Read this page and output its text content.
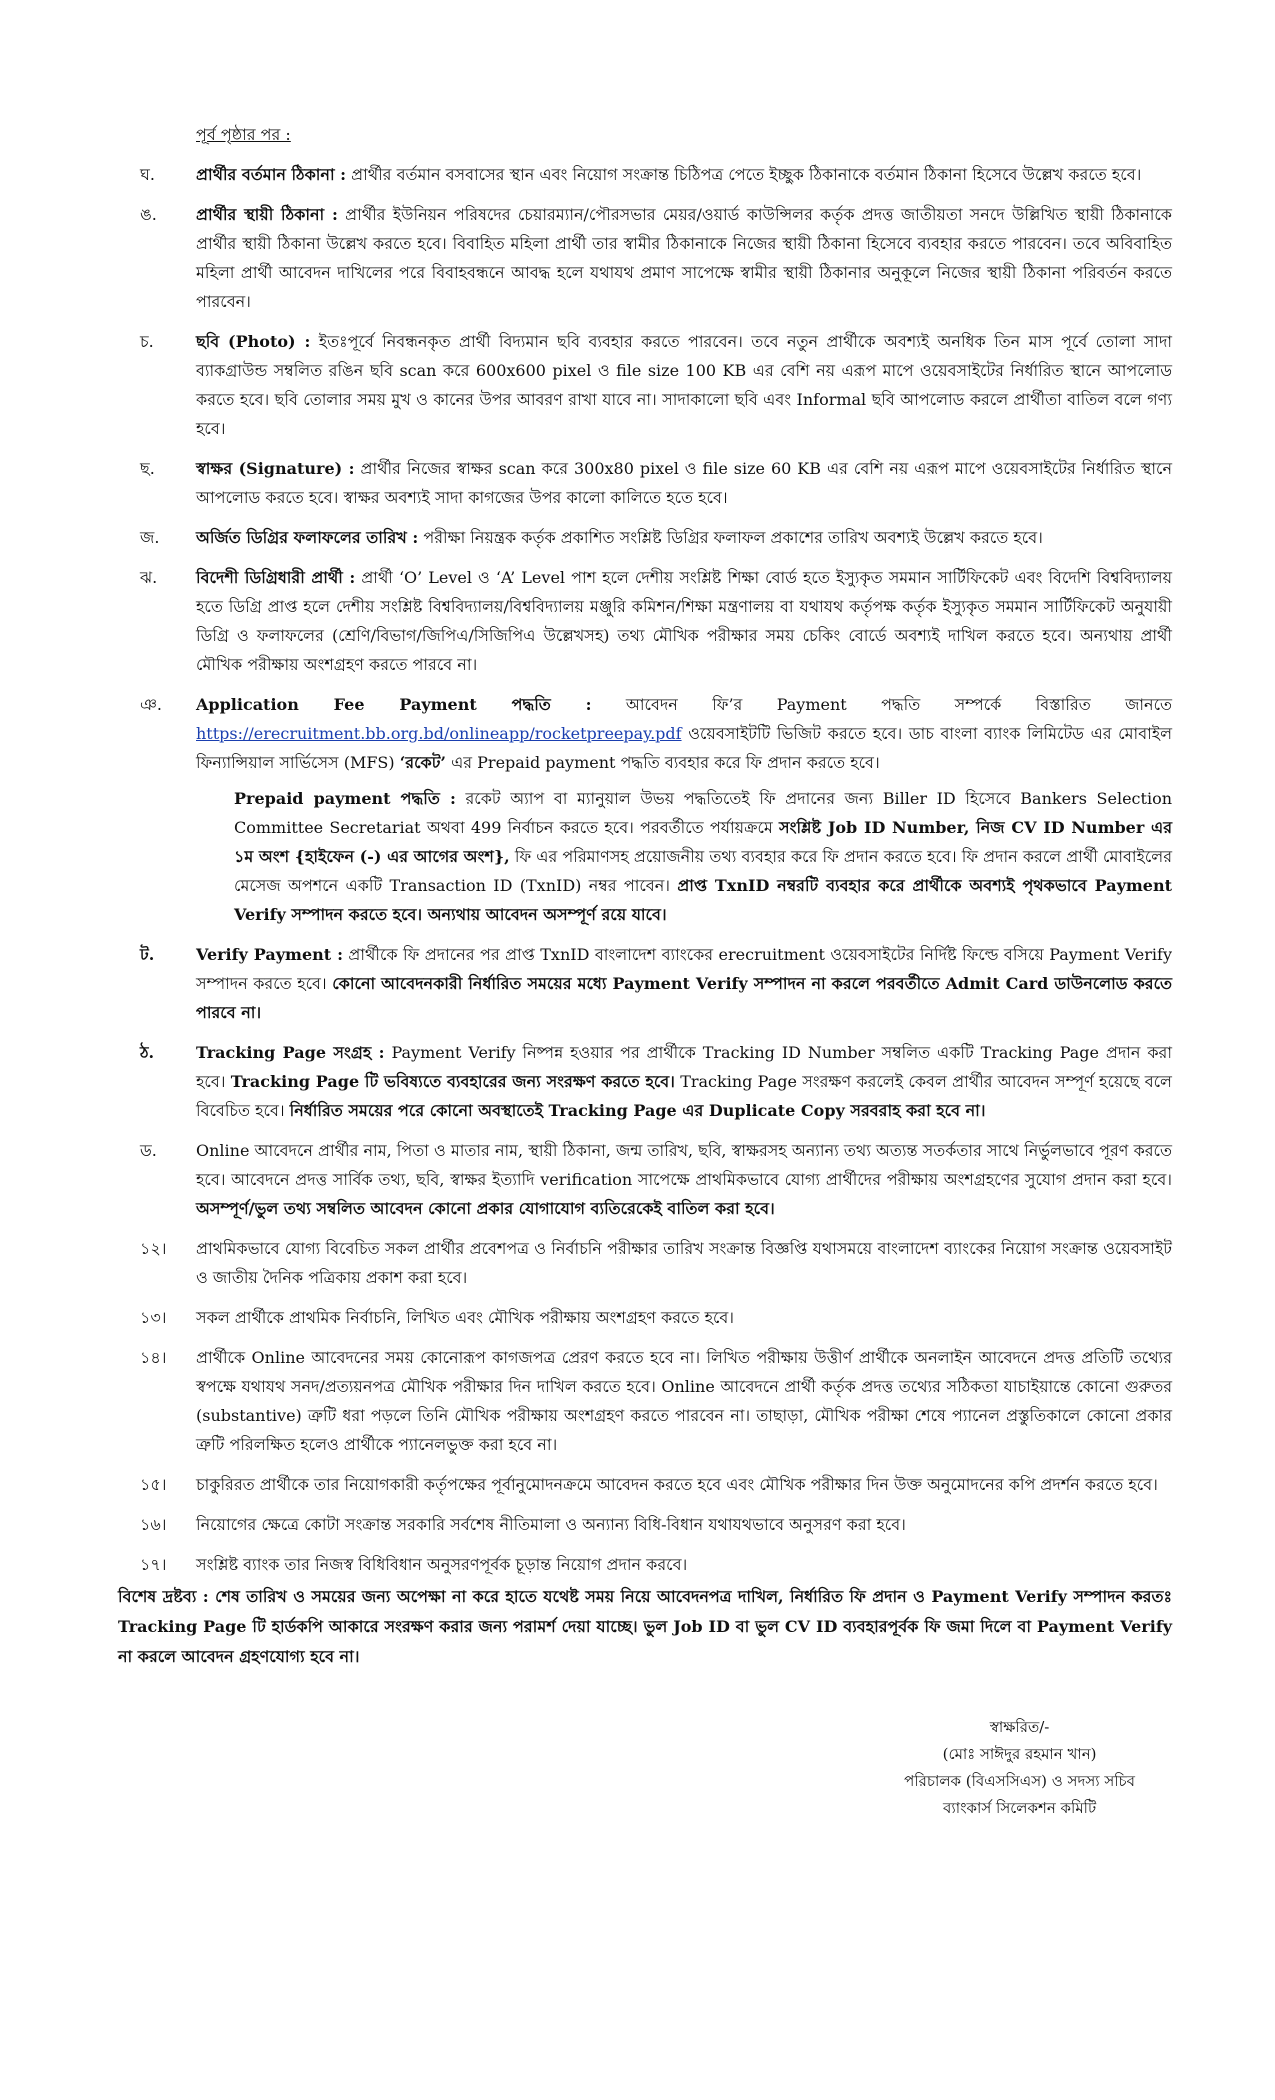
পূর্ব পৃষ্ঠার পর :
ঘ.	প্রার্থীর বর্তমান ঠিকানা : প্রার্থীর বর্তমান বসবাসের স্থান এবং নিয়োগ সংক্রান্ত চিঠিপত্র পেতে ইচ্ছুক ঠিকানাকে বর্তমান ঠিকানা হিসেবে উল্লেখ করতে হবে।
ঙ.	প্রার্থীর স্থায়ী ঠিকানা : প্রার্থীর ইউনিয়ন পরিষদের চেয়ারম্যান/পৌরসভার মেয়র/ওয়ার্ড কাউন্সিলর কর্তৃক প্রদত্ত জাতীয়তা সনদে উল্লিখিত স্থায়ী ঠিকানাকে প্রার্থীর স্থায়ী ঠিকানা উল্লেখ করতে হবে। বিবাহিত মহিলা প্রার্থী তার স্বামীর ঠিকানাকে নিজের স্থায়ী ঠিকানা হিসেবে ব্যবহার করতে পারবেন। তবে অবিবাহিত মহিলা প্রার্থী আবেদন দাখিলের পরে বিবাহবন্ধনে আবদ্ধ হলে যথাযথ প্রমাণ সাপেক্ষে স্বামীর স্থায়ী ঠিকানার অনুকূলে নিজের স্থায়ী ঠিকানা পরিবর্তন করতে পারবেন।
চ.	ছবি (Photo) : ইতঃপূর্বে নিবন্ধনকৃত প্রার্থী বিদ্যমান ছবি ব্যবহার করতে পারবেন। তবে নতুন প্রার্থীকে অবশ্যই অনধিক তিন মাস পূর্বে তোলা সাদা ব্যাকগ্রাউন্ড সম্বলিত রঙিন ছবি scan করে 600x600 pixel ও file size 100 KB এর বেশি নয় এরূপ মাপে ওয়েবসাইটের নির্ধারিত স্থানে আপলোড করতে হবে। ছবি তোলার সময় মুখ ও কানের উপর আবরণ রাখা যাবে না। সাদাকালো ছবি এবং Informal ছবি আপলোড করলে প্রার্থীতা বাতিল বলে গণ্য হবে।
ছ.	স্বাক্ষর (Signature) : প্রার্থীর নিজের স্বাক্ষর scan করে 300x80 pixel ও file size 60 KB এর বেশি নয় এরূপ মাপে ওয়েবসাইটের নির্ধারিত স্থানে আপলোড করতে হবে। স্বাক্ষর অবশ্যই সাদা কাগজের উপর কালো কালিতে হতে হবে।
জ.	অর্জিত ডিগ্রির ফলাফলের তারিখ : পরীক্ষা নিয়ন্ত্রক কর্তৃক প্রকাশিত সংশ্লিষ্ট ডিগ্রির ফলাফল প্রকাশের তারিখ অবশ্যই উল্লেখ করতে হবে।
ঝ.	বিদেশী ডিগ্রিধারী প্রার্থী : প্রার্থী ‘O’ Level ও ‘A’ Level পাশ হলে দেশীয় সংশ্লিষ্ট শিক্ষা বোর্ড হতে ইস্যুকৃত সমমান সার্টিফিকেট এবং বিদেশি বিশ্ববিদ্যালয় হতে ডিগ্রি প্রাপ্ত হলে দেশীয় সংশ্লিষ্ট বিশ্ববিদ্যালয়/বিশ্ববিদ্যালয় মঞ্জুরি কমিশন/শিক্ষা মন্ত্রণালয় বা যথাযথ কর্তৃপক্ষ কর্তৃক ইস্যুকৃত সমমান সার্টিফিকেট অনুযায়ী ডিগ্রি ও ফলাফলের (শ্রেণি/বিভাগ/জিপিএ/সিজিপিএ উল্লেখসহ) তথ্য মৌখিক পরীক্ষার সময় চেকিং বোর্ডে অবশ্যই দাখিল করতে হবে। অন্যথায় প্রার্থী মৌখিক পরীক্ষায় অংশগ্রহণ করতে পারবে না।
ঞ.	Application Fee Payment পদ্ধতি : আবেদন ফি’র Payment পদ্ধতি সম্পর্কে বিস্তারিত জানতে https://erecruitment.bb.org.bd/onlineapp/rocketpreepay.pdf ওয়েবসাইটটি ভিজিট করতে হবে। ডাচ বাংলা ব্যাংক লিমিটেড এর মোবাইল ফিন্যান্সিয়াল সার্ভিসেস (MFS) ‘রকেট’ এর Prepaid payment পদ্ধতি ব্যবহার করে ফি প্রদান করতে হবে।
Prepaid payment পদ্ধতি : রকেট অ্যাপ বা ম্যানুয়াল উভয় পদ্ধতিতেই ফি প্রদানের জন্য Biller ID হিসেবে Bankers Selection Committee Secretariat অথবা 499 নির্বাচন করতে হবে। পরবর্তীতে পর্যায়ক্রমে সংশ্লিষ্ট Job ID Number, নিজ CV ID Number এর ১ম অংশ {হাইফেন (-) এর আগের অংশ}, ফি এর পরিমাণসহ প্রয়োজনীয় তথ্য ব্যবহার করে ফি প্রদান করতে হবে। ফি প্রদান করলে প্রার্থী মোবাইলের মেসেজ অপশনে একটি Transaction ID (TxnID) নম্বর পাবেন। প্রাপ্ত TxnID নম্বরটি ব্যবহার করে প্রার্থীকে অবশ্যই পৃথকভাবে Payment Verify সম্পাদন করতে হবে। অন্যথায় আবেদন অসম্পূর্ণ রয়ে যাবে।
ট.	Verify Payment : প্রার্থীকে ফি প্রদানের পর প্রাপ্ত TxnID বাংলাদেশ ব্যাংকের erecruitment ওয়েবসাইটের নির্দিষ্ট ফিল্ডে বসিয়ে Payment Verify সম্পাদন করতে হবে। কোনো আবেদনকারী নির্ধারিত সময়ের মধ্যে Payment Verify সম্পাদন না করলে পরবর্তীতে Admit Card ডাউনলোড করতে পারবে না।
ঠ.	Tracking Page সংগ্রহ : Payment Verify নিষ্পন্ন হওয়ার পর প্রার্থীকে Tracking ID Number সম্বলিত একটি Tracking Page প্রদান করা হবে। Tracking Page টি ভবিষ্যতে ব্যবহারের জন্য সংরক্ষণ করতে হবে। Tracking Page সংরক্ষণ করলেই কেবল প্রার্থীর আবেদন সম্পূর্ণ হয়েছে বলে বিবেচিত হবে। নির্ধারিত সময়ের পরে কোনো অবস্থাতেই Tracking Page এর Duplicate Copy সরবরাহ করা হবে না।
ড.	Online আবেদনে প্রার্থীর নাম, পিতা ও মাতার নাম, স্থায়ী ঠিকানা, জন্ম তারিখ, ছবি, স্বাক্ষরসহ অন্যান্য তথ্য অত্যন্ত সতর্কতার সাথে নির্ভুলভাবে পূরণ করতে হবে। আবেদনে প্রদত্ত সার্বিক তথ্য, ছবি, স্বাক্ষর ইত্যাদি verification সাপেক্ষে প্রাথমিকভাবে যোগ্য প্রার্থীদের পরীক্ষায় অংশগ্রহণের সুযোগ প্রদান করা হবে। অসম্পূর্ণ/ভুল তথ্য সম্বলিত আবেদন কোনো প্রকার যোগাযোগ ব্যতিরেকেই বাতিল করা হবে।
১২।	প্রাথমিকভাবে যোগ্য বিবেচিত সকল প্রার্থীর প্রবেশপত্র ও নির্বাচনি পরীক্ষার তারিখ সংক্রান্ত বিজ্ঞপ্তি যথাসময়ে বাংলাদেশ ব্যাংকের নিয়োগ সংক্রান্ত ওয়েবসাইট ও জাতীয় দৈনিক পত্রিকায় প্রকাশ করা হবে।
১৩।	সকল প্রার্থীকে প্রাথমিক নির্বাচনি, লিখিত এবং মৌখিক পরীক্ষায় অংশগ্রহণ করতে হবে।
১৪।	প্রার্থীকে Online আবেদনের সময় কোনোরূপ কাগজপত্র প্রেরণ করতে হবে না। লিখিত পরীক্ষায় উত্তীর্ণ প্রার্থীকে অনলাইন আবেদনে প্রদত্ত প্রতিটি তথ্যের স্বপক্ষে যথাযথ সনদ/প্রত্যয়নপত্র মৌখিক পরীক্ষার দিন দাখিল করতে হবে। Online আবেদনে প্রার্থী কর্তৃক প্রদত্ত তথ্যের সঠিকতা যাচাইয়ান্তে কোনো গুরুতর (substantive) ত্রুটি ধরা পড়লে তিনি মৌখিক পরীক্ষায় অংশগ্রহণ করতে পারবেন না। তাছাড়া, মৌখিক পরীক্ষা শেষে প্যানেল প্রস্তুতিকালে কোনো প্রকার ত্রুটি পরিলক্ষিত হলেও প্রার্থীকে প্যানেলভুক্ত করা হবে না।
১৫।	চাকুরিরত প্রার্থীকে তার নিয়োগকারী কর্তৃপক্ষের পূর্বানুমোদনক্রমে আবেদন করতে হবে এবং মৌখিক পরীক্ষার দিন উক্ত অনুমোদনের কপি প্রদর্শন করতে হবে।
১৬।	নিয়োগের ক্ষেত্রে কোটা সংক্রান্ত সরকারি সর্বশেষ নীতিমালা ও অন্যান্য বিধি-বিধান যথাযথভাবে অনুসরণ করা হবে।
১৭।	সংশ্লিষ্ট ব্যাংক তার নিজস্ব বিধিবিধান অনুসরণপূর্বক চূড়ান্ত নিয়োগ প্রদান করবে।
বিশেষ দ্রষ্টব্য : শেষ তারিখ ও সময়ের জন্য অপেক্ষা না করে হাতে যথেষ্ট সময় নিয়ে আবেদনপত্র দাখিল, নির্ধারিত ফি প্রদান ও Payment Verify সম্পাদন করতঃ Tracking Page টি হার্ডকপি আকারে সংরক্ষণ করার জন্য পরামর্শ দেয়া যাচ্ছে। ভুল Job ID বা ভুল CV ID ব্যবহারপূর্বক ফি জমা দিলে বা Payment Verify না করলে আবেদন গ্রহণযোগ্য হবে না।
স্বাক্ষরিত/-
(মোঃ সাঈদুর রহমান খান)
পরিচালক (বিএসসিএস) ও সদস্য সচিব
ব্যাংকার্স সিলেকশন কমিটি
